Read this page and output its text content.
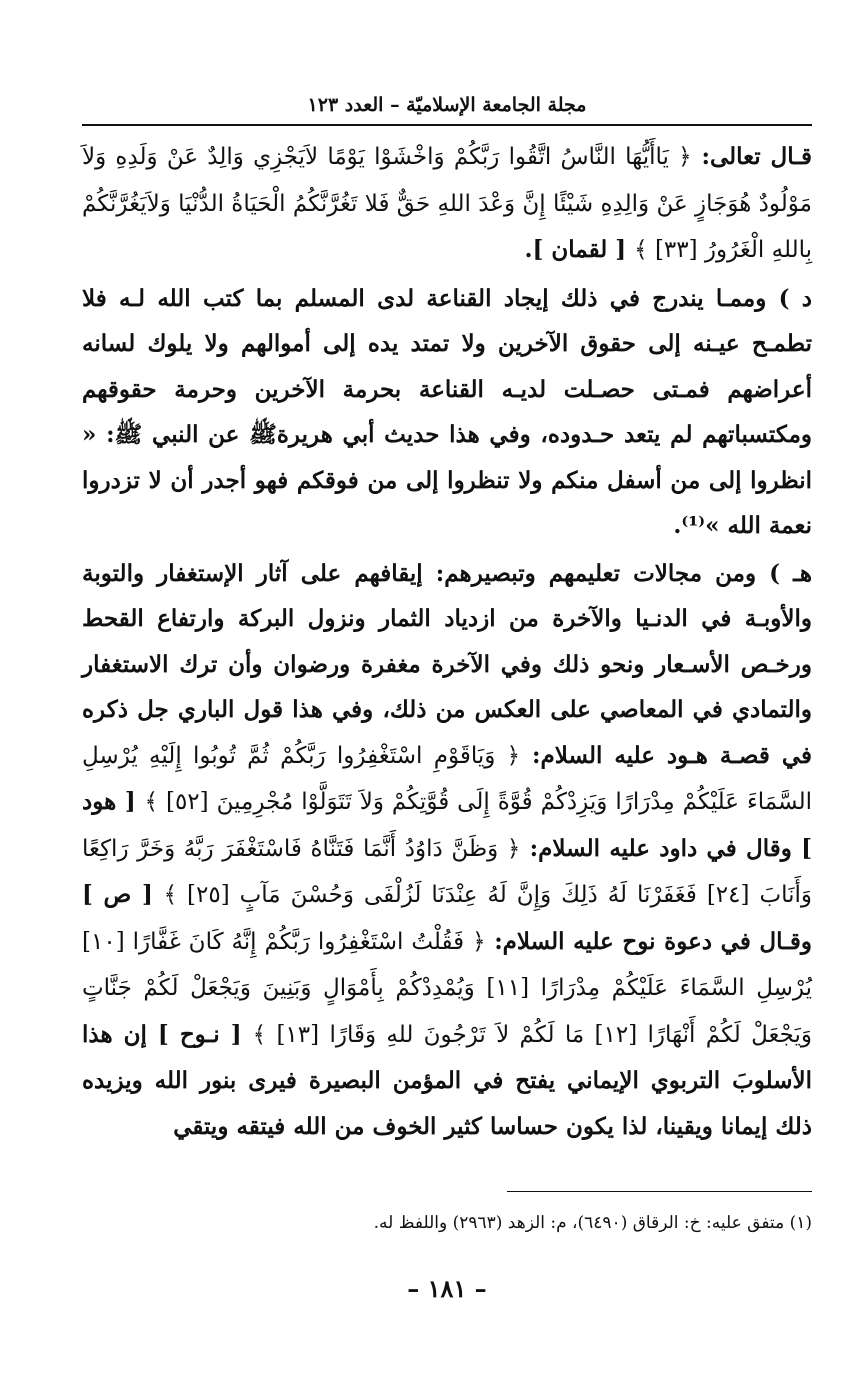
مجلة الجامعة الإسلاميّة – العدد ١٢٣

قـال تعالى: ﴿ يَاأَيُّهَا النَّاسُ اتَّقُوا رَبَّكُمْ وَاخْشَوْا يَوْمًا لاَيَجْزِي وَالِدٌ عَنْ وَلَدِهِ وَلاَ مَوْلُودٌ هُوَجَازٍ عَنْ وَالِدِهِ شَيْئًا إِنَّ وَعْدَ اللهِ حَقٌّ فَلا تَغُرَّنَّكُمُ الْحَيَاةُ الدُّنْيَا وَلاَيَغُرَّنَّكُمْ بِاللهِ الْغَرُورُ [٣٣] ﴾ [ لقمان ].

د ) وممـا يندرج في ذلك إيجاد القناعة لدى المسلم بما كتب الله لـه فلا تطمـح عيـنه إلى حقوق الآخرين ولا تمتد يده إلى أموالهم ولا يلوك لسانه أعراضهم فمـتى حصـلت لديـه القناعة بحرمة الآخرين وحرمة حقوقهم ومكتسباتهم لم يتعد حـدوده، وفي هذا حديث أبي هريرةﷺ عن النبي ﷺ: « انظروا إلى من أسفل منكم ولا تنظروا إلى من فوقكم فهو أجدر أن لا تزدروا نعمة الله »⁽¹⁾.

هـ ) ومن مجالات تعليمهم وتبصيرهم: إيقافهم على آثار الإستغفار والتوبة والأوبـة في الدنـيا والآخرة من ازدياد الثمار ونزول البركة وارتفاع القحط ورخـص الأسـعار ونحو ذلك وفي الآخرة مغفرة ورضوان وأن ترك الاستغفار والتمادي في المعاصي على العكس من ذلك، وفي هذا قول الباري جل ذكره في قصـة هـود عليه السلام: ﴿ وَيَاقَوْمِ اسْتَغْفِرُوا رَبَّكُمْ ثُمَّ تُوبُوا إِلَيْهِ يُرْسِلِ السَّمَاءَ عَلَيْكُمْ مِدْرَارًا وَيَزِدْكُمْ قُوَّةً إِلَى قُوَّتِكُمْ وَلاَ تَتَوَلَّوْا مُجْرِمِينَ [٥٢] ﴾ [ هود ] وقال في داود عليه السلام: ﴿ وَظَنَّ دَاوُدُ أَنَّمَا فَتَنَّاهُ فَاسْتَغْفَرَ رَبَّهُ وَخَرَّ رَاكِعًا وَأَنَابَ [٢٤] فَغَفَرْنَا لَهُ ذَلِكَ وَإِنَّ لَهُ عِنْدَنَا لَزُلْفَى وَحُسْنَ مَآبٍ [٢٥] ﴾ [ ص ] وقـال في دعوة نوح عليه السلام: ﴿ فَقُلْتُ اسْتَغْفِرُوا رَبَّكُمْ إِنَّهُ كَانَ غَفَّارًا [١٠] يُرْسِلِ السَّمَاءَ عَلَيْكُمْ مِدْرَارًا [١١] وَيُمْدِدْكُمْ بِأَمْوَالٍ وَبَنِينَ وَيَجْعَلْ لَكُمْ جَنَّاتٍ وَيَجْعَلْ لَكُمْ أَنْهَارًا [١٢] مَا لَكُمْ لاَ تَرْجُونَ للهِ وَقَارًا [١٣] ﴾ [ نـوح ] إن هذا الأسلوبَ التربوي الإيماني يفتح في المؤمن البصيرة فيرى بنور الله ويزيده ذلك إيمانا ويقينا، لذا يكون حساسا كثير الخوف من الله فيتقه ويتقي

(١) متفق عليه: خ: الرقاق (٦٤٩٠)، م: الزهد (٢٩٦٣) واللفظ له.
– ١٨١ –
